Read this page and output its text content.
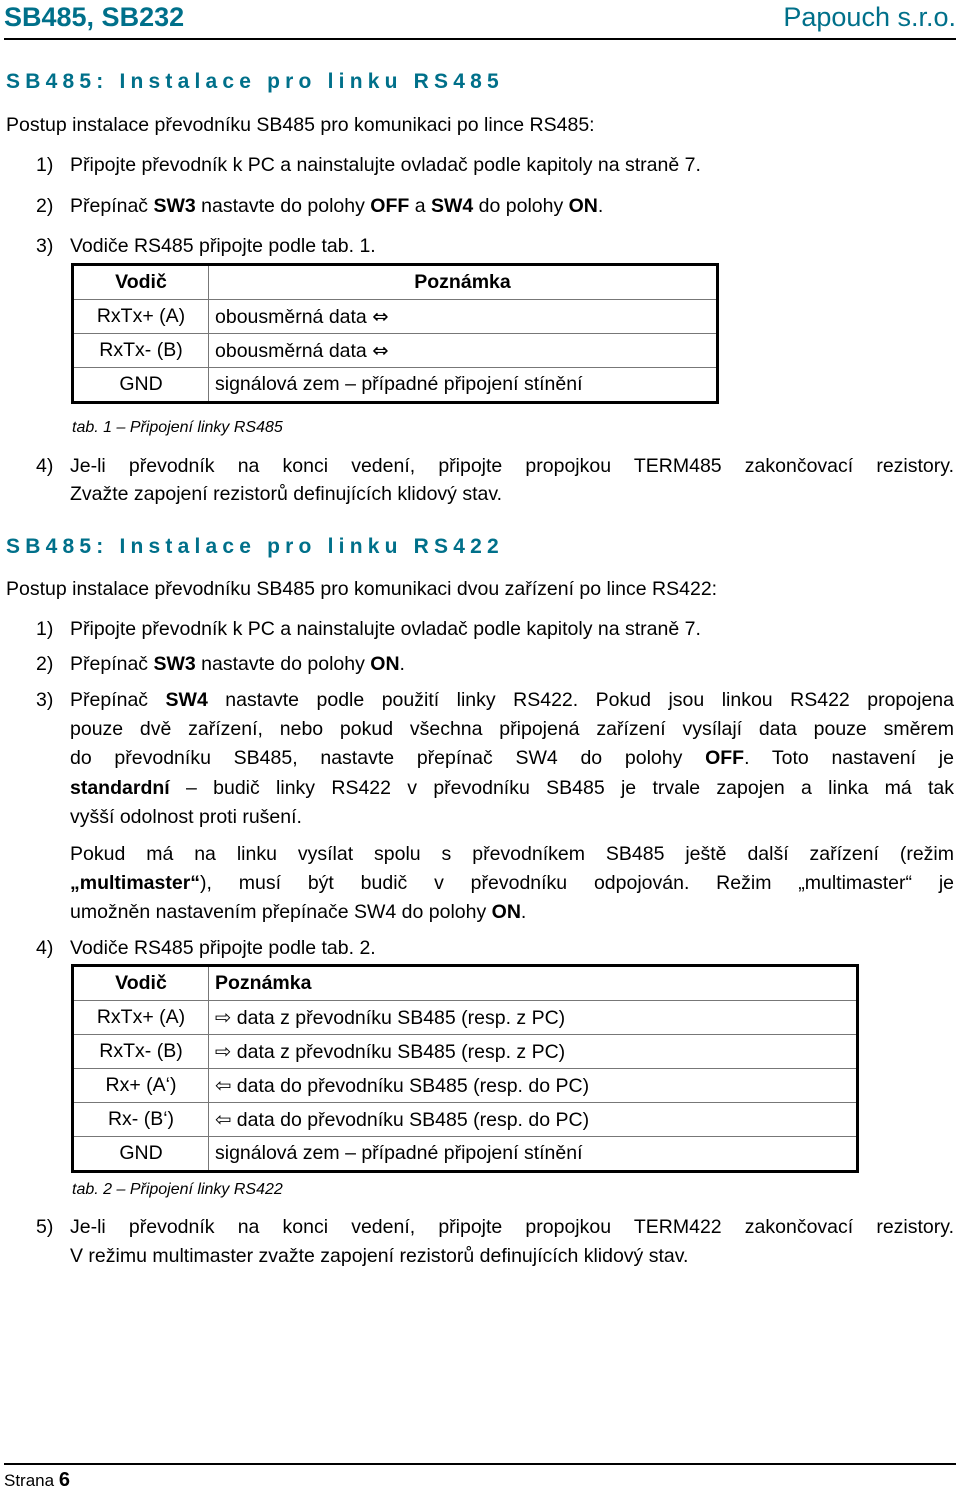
SB485, SB232	Papouch s.r.o.
SB485: Instalace pro linku RS485
Postup instalace převodníku SB485 pro komunikaci po lince RS485:
1) Připojte převodník k PC a nainstalujte ovladač podle kapitoly na straně 7.
2) Přepínač SW3 nastavte do polohy OFF a SW4 do polohy ON.
3) Vodiče RS485 připojte podle tab. 1.
Vodič	Poznámka
RxTx+ (A)	obousměrná data ⇔
RxTx- (B)	obousměrná data ⇔
GND	signálová zem – případné připojení stínění
tab. 1 – Připojení linky RS485
4) Je-li převodník na konci vedení, připojte propojkou TERM485 zakončovací rezistory.
Zvažte zapojení rezistorů definujících klidový stav.
SB485: Instalace pro linku RS422
Postup instalace převodníku SB485 pro komunikaci dvou zařízení po lince RS422:
1) Připojte převodník k PC a nainstalujte ovladač podle kapitoly na straně 7.
2) Přepínač SW3 nastavte do polohy ON.
3) Přepínač SW4 nastavte podle použití linky RS422. Pokud jsou linkou RS422 propojena
pouze dvě zařízení, nebo pokud všechna připojená zařízení vysílají data pouze směrem
do převodníku SB485, nastavte přepínač SW4 do polohy OFF. Toto nastavení je
standardní – budič linky RS422 v převodníku SB485 je trvale zapojen a linka má tak
vyšší odolnost proti rušení.
Pokud má na linku vysílat spolu s převodníkem SB485 ještě další zařízení (režim
„multimaster“), musí být budič v převodníku odpojován. Režim „multimaster“ je
umožněn nastavením přepínače SW4 do polohy ON.
4) Vodiče RS485 připojte podle tab. 2.
Vodič	Poznámka
RxTx+ (A)	⇨ data z převodníku SB485 (resp. z PC)
RxTx- (B)	⇨ data z převodníku SB485 (resp. z PC)
Rx+ (A‘)	⇦ data do převodníku SB485 (resp. do PC)
Rx- (B‘)	⇦ data do převodníku SB485 (resp. do PC)
GND	signálová zem – případné připojení stínění
tab. 2 – Připojení linky RS422
5) Je-li převodník na konci vedení, připojte propojkou TERM422 zakončovací rezistory.
V režimu multimaster zvažte zapojení rezistorů definujících klidový stav.
Strana 6
